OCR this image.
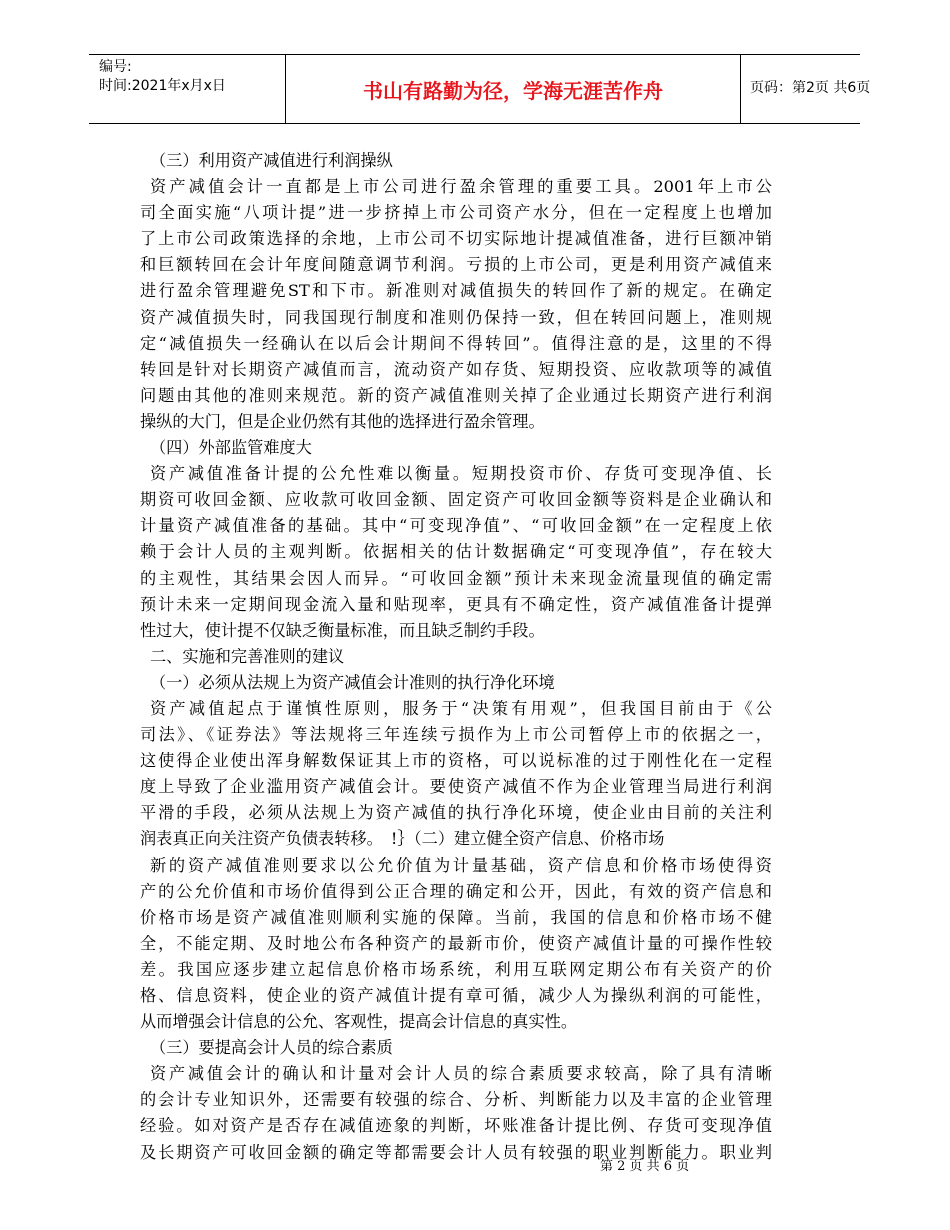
编号:
时间:2021年x月x日	书山有路勤为径，学海无涯苦作舟	页码：第2页 共6页

（三）利用资产减值进行利润操纵

资产减值会计一直都是上市公司进行盈余管理的重要工具。2001年上市公

司全面实施“八项计提”进一步挤掉上市公司资产水分，但在一定程度上也增加

了上市公司政策选择的余地，上市公司不切实际地计提减值准备，进行巨额冲销

和巨额转回在会计年度间随意调节利润。亏损的上市公司，更是利用资产减值来

进行盈余管理避免ST和下市。新准则对减值损失的转回作了新的规定。在确定

资产减值损失时，同我国现行制度和准则仍保持一致，但在转回问题上，准则规

定“减值损失一经确认在以后会计期间不得转回”。值得注意的是，这里的不得

转回是针对长期资产减值而言，流动资产如存货、短期投资、应收款项等的减值

问题由其他的准则来规范。新的资产减值准则关掉了企业通过长期资产进行利润

操纵的大门，但是企业仍然有其他的选择进行盈余管理。

（四）外部监管难度大

资产减值准备计提的公允性难以衡量。短期投资市价、存货可变现净值、长

期资可收回金额、应收款可收回金额、固定资产可收回金额等资料是企业确认和

计量资产减值准备的基础。其中“可变现净值”、“可收回金额”在一定程度上依

赖于会计人员的主观判断。依据相关的估计数据确定“可变现净值”，存在较大

的主观性，其结果会因人而异。“可收回金额”预计未来现金流量现值的确定需

预计未来一定期间现金流入量和贴现率，更具有不确定性，资产减值准备计提弹

性过大，使计提不仅缺乏衡量标准，而且缺乏制约手段。

二、实施和完善准则的建议

（一）必须从法规上为资产减值会计准则的执行净化环境

资产减值起点于谨慎性原则，服务于“决策有用观”，但我国目前由于《公

司法》、《证券法》等法规将三年连续亏损作为上市公司暂停上市的依据之一，

这使得企业使出浑身解数保证其上市的资格，可以说标准的过于刚性化在一定程

度上导致了企业滥用资产减值会计。要使资产减值不作为企业管理当局进行利润

平滑的手段，必须从法规上为资产减值的执行净化环境，使企业由目前的关注利

润表真正向关注资产负债表转移。　!｝（二）建立健全资产信息、价格市场

新的资产减值准则要求以公允价值为计量基础，资产信息和价格市场使得资

产的公允价值和市场价值得到公正合理的确定和公开，因此，有效的资产信息和

价格市场是资产减值准则顺利实施的保障。当前，我国的信息和价格市场不健

全，不能定期、及时地公布各种资产的最新市价，使资产减值计量的可操作性较

差。我国应逐步建立起信息价格市场系统，利用互联网定期公布有关资产的价

格、信息资料，使企业的资产减值计提有章可循，减少人为操纵利润的可能性，

从而增强会计信息的公允、客观性，提高会计信息的真实性。

（三）要提高会计人员的综合素质

资产减值会计的确认和计量对会计人员的综合素质要求较高，除了具有清晰

的会计专业知识外，还需要有较强的综合、分析、判断能力以及丰富的企业管理

经验。如对资产是否存在减值迹象的判断，坏账准备计提比例、存货可变现净值

及长期资产可收回金额的确定等都需要会计人员有较强的职业判断能力。职业判

第 2 页 共 6 页
